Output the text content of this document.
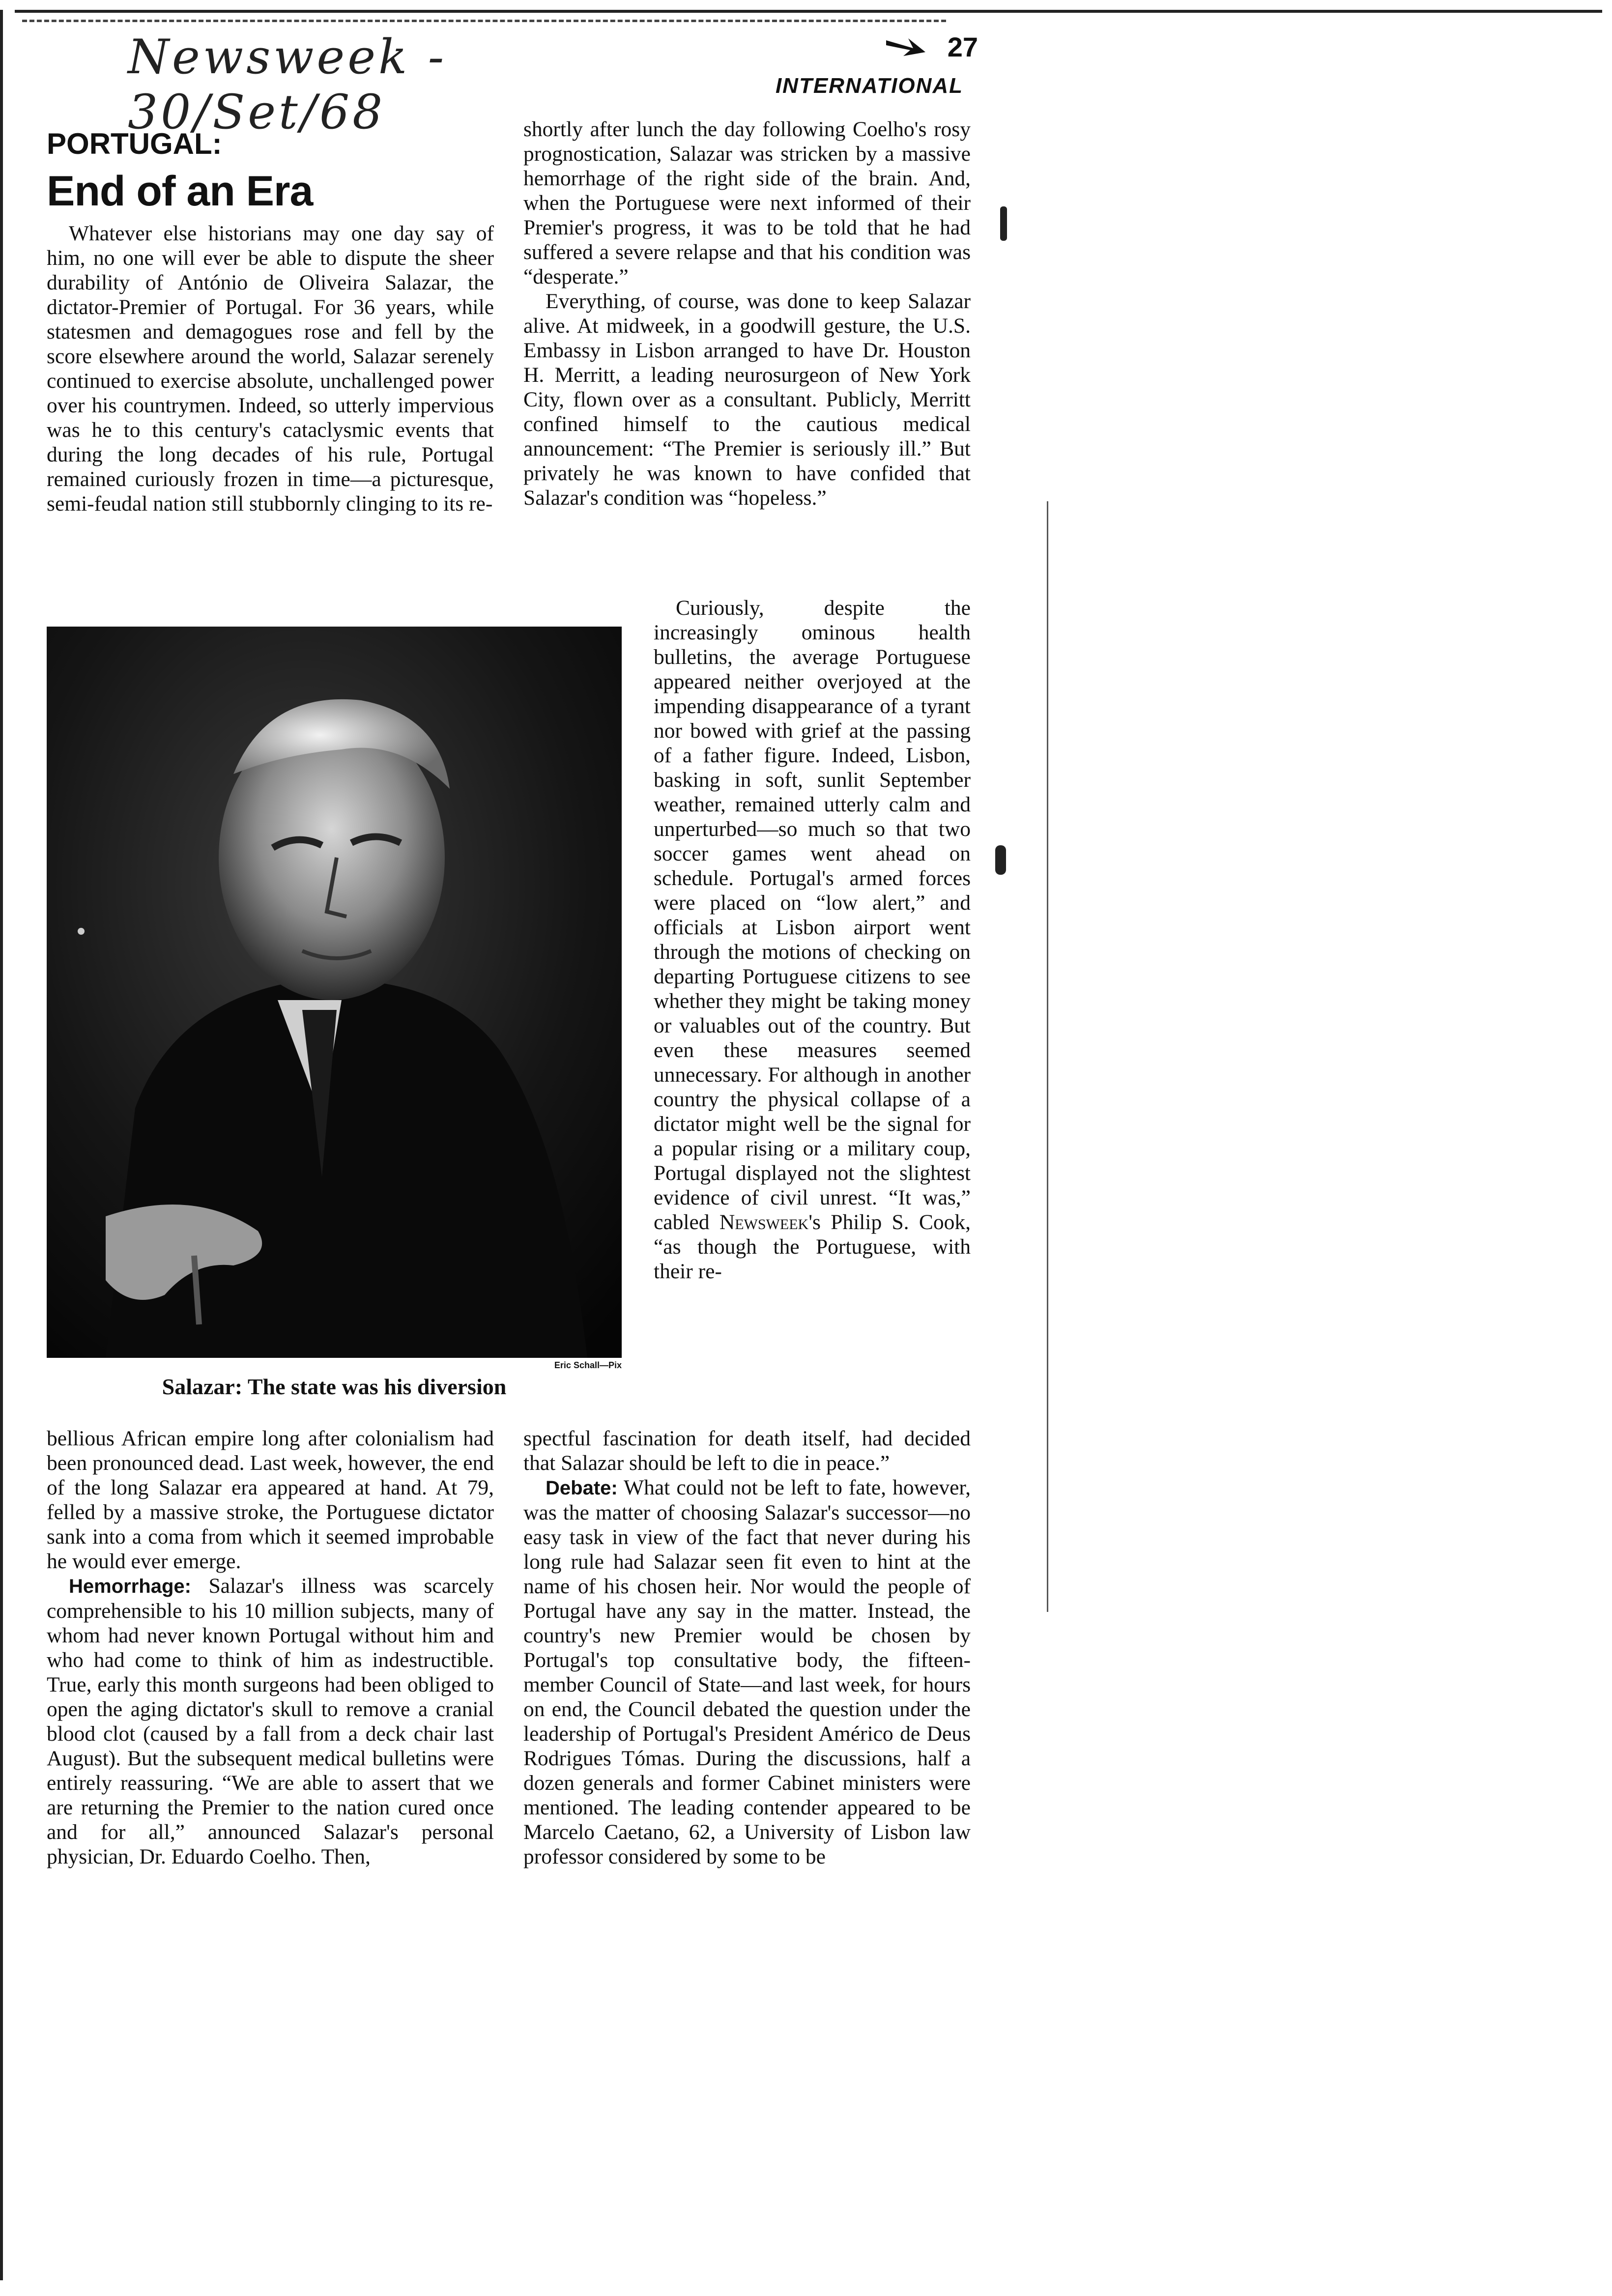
Newsweek - 30/Set/68
27
INTERNATIONAL
PORTUGAL:
End of an Era

Whatever else historians may one day say of him, no one will ever be able to dispute the sheer durability of António de Oliveira Salazar, the dictator-Premier of Portugal. For 36 years, while statesmen and demagogues rose and fell by the score elsewhere around the world, Salazar serenely continued to exercise absolute, unchallenged power over his countrymen. Indeed, so utterly impervious was he to this century's cataclysmic events that during the long decades of his rule, Portugal remained curiously frozen in time—a picturesque, semi-feudal nation still stubbornly clinging to its re-

shortly after lunch the day following Coelho's rosy prognostication, Salazar was stricken by a massive hemorrhage of the right side of the brain. And, when the Portuguese were next informed of their Premier's progress, it was to be told that he had suffered a severe relapse and that his condition was “desperate.”

Everything, of course, was done to keep Salazar alive. At midweek, in a goodwill gesture, the U.S. Embassy in Lisbon arranged to have Dr. Houston H. Merritt, a leading neurosurgeon of New York City, flown over as a consultant. Publicly, Merritt confined himself to the cautious medical announcement: “The Premier is seriously ill.” But privately he was known to have confided that Salazar's condition was “hopeless.”

Eric Schall—Pix
Salazar: The state was his diversion

Curiously, despite the increasingly ominous health bulletins, the average Portuguese appeared neither overjoyed at the impending disappearance of a tyrant nor bowed with grief at the passing of a father figure. Indeed, Lisbon, basking in soft, sunlit September weather, remained utterly calm and unperturbed—so much so that two soccer games went ahead on schedule. Portugal's armed forces were placed on “low alert,” and officials at Lisbon airport went through the motions of checking on departing Portuguese citizens to see whether they might be taking money or valuables out of the country. But even these measures seemed unnecessary. For although in another country the physical collapse of a dictator might well be the signal for a popular rising or a military coup, Portugal displayed not the slightest evidence of civil unrest. “It was,” cabled Newsweek's Philip S. Cook, “as though the Portuguese, with their re-

bellious African empire long after colonialism had been pronounced dead. Last week, however, the end of the long Salazar era appeared at hand. At 79, felled by a massive stroke, the Portuguese dictator sank into a coma from which it seemed improbable he would ever emerge.

Hemorrhage: Salazar's illness was scarcely comprehensible to his 10 million subjects, many of whom had never known Portugal without him and who had come to think of him as indestructible. True, early this month surgeons had been obliged to open the aging dictator's skull to remove a cranial blood clot (caused by a fall from a deck chair last August). But the subsequent medical bulletins were entirely reassuring. “We are able to assert that we are returning the Premier to the nation cured once and for all,” announced Salazar's personal physician, Dr. Eduardo Coelho. Then,

spectful fascination for death itself, had decided that Salazar should be left to die in peace.”

Debate: What could not be left to fate, however, was the matter of choosing Salazar's successor—no easy task in view of the fact that never during his long rule had Salazar seen fit even to hint at the name of his chosen heir. Nor would the people of Portugal have any say in the matter. Instead, the country's new Premier would be chosen by Portugal's top consultative body, the fifteen-member Council of State—and last week, for hours on end, the Council debated the question under the leadership of Portugal's President Américo de Deus Rodrigues Tómas. During the discussions, half a dozen generals and former Cabinet ministers were mentioned. The leading contender appeared to be Marcelo Caetano, 62, a University of Lisbon law professor considered by some to be
